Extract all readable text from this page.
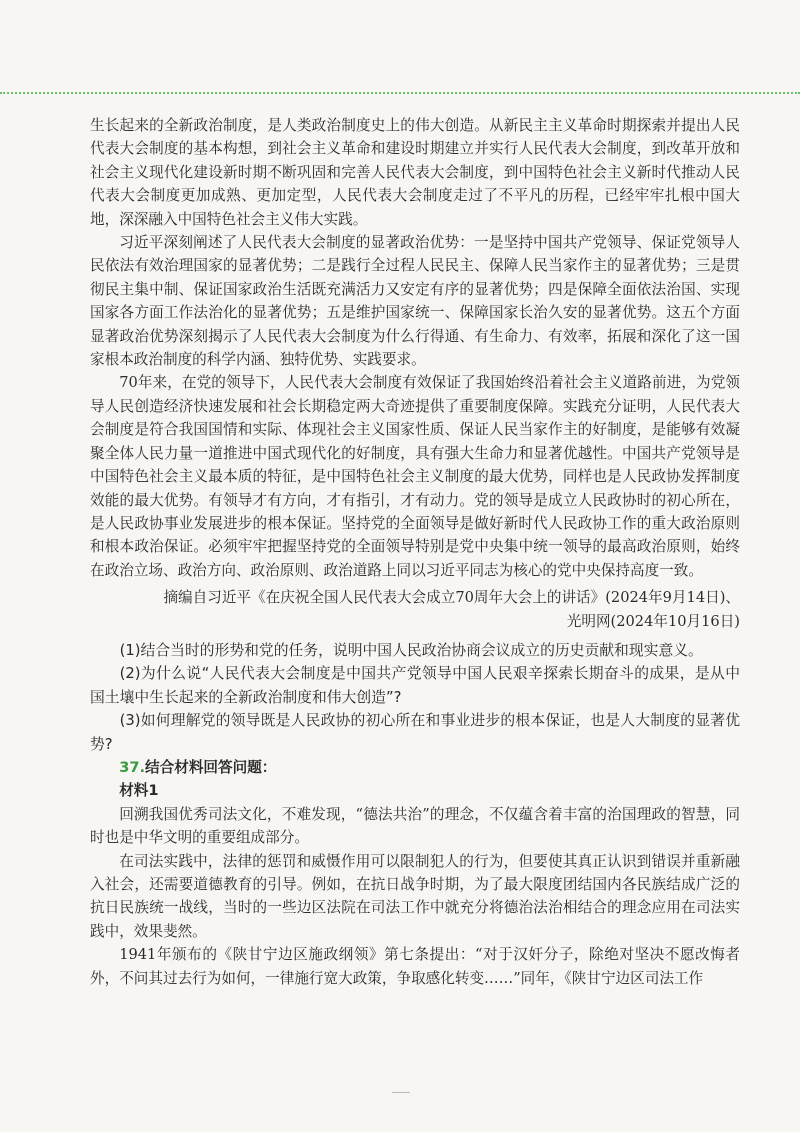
生长起来的全新政治制度，是人类政治制度史上的伟大创造。从新民主主义革命时期探索并提出人民代表大会制度的基本构想，到社会主义革命和建设时期建立并实行人民代表大会制度，到改革开放和社会主义现代化建设新时期不断巩固和完善人民代表大会制度，到中国特色社会主义新时代推动人民代表大会制度更加成熟、更加定型，人民代表大会制度走过了不平凡的历程，已经牢牢扎根中国大地，深深融入中国特色社会主义伟大实践。

习近平深刻阐述了人民代表大会制度的显著政治优势：一是坚持中国共产党领导、保证党领导人民依法有效治理国家的显著优势；二是践行全过程人民民主、保障人民当家作主的显著优势；三是贯彻民主集中制、保证国家政治生活既充满活力又安定有序的显著优势；四是保障全面依法治国、实现国家各方面工作法治化的显著优势；五是维护国家统一、保障国家长治久安的显著优势。这五个方面显著政治优势深刻揭示了人民代表大会制度为什么行得通、有生命力、有效率，拓展和深化了这一国家根本政治制度的科学内涵、独特优势、实践要求。

70年来，在党的领导下，人民代表大会制度有效保证了我国始终沿着社会主义道路前进，为党领导人民创造经济快速发展和社会长期稳定两大奇迹提供了重要制度保障。实践充分证明，人民代表大会制度是符合我国国情和实际、体现社会主义国家性质、保证人民当家作主的好制度，是能够有效凝聚全体人民力量一道推进中国式现代化的好制度，具有强大生命力和显著优越性。中国共产党领导是中国特色社会主义最本质的特征，是中国特色社会主义制度的最大优势，同样也是人民政协发挥制度效能的最大优势。有领导才有方向，才有指引，才有动力。党的领导是成立人民政协时的初心所在，是人民政协事业发展进步的根本保证。坚持党的全面领导是做好新时代人民政协工作的重大政治原则和根本政治保证。必须牢牢把握坚持党的全面领导特别是党中央集中统一领导的最高政治原则，始终在政治立场、政治方向、政治原则、政治道路上同以习近平同志为核心的党中央保持高度一致。

摘编自习近平《在庆祝全国人民代表大会成立70周年大会上的讲话》(2024年9月14日)、
光明网(2024年10月16日)

(1)结合当时的形势和党的任务，说明中国人民政治协商会议成立的历史贡献和现实意义。

(2)为什么说“人民代表大会制度是中国共产党领导中国人民艰辛探索长期奋斗的成果，是从中国土壤中生长起来的全新政治制度和伟大创造”?

(3)如何理解党的领导既是人民政协的初心所在和事业进步的根本保证，也是人大制度的显著优势?

37.结合材料回答问题：

材料1

回溯我国优秀司法文化，不难发现，“德法共治”的理念，不仅蕴含着丰富的治国理政的智慧，同时也是中华文明的重要组成部分。

在司法实践中，法律的惩罚和威慑作用可以限制犯人的行为，但要使其真正认识到错误并重新融入社会，还需要道德教育的引导。例如，在抗日战争时期，为了最大限度团结国内各民族结成广泛的抗日民族统一战线，当时的一些边区法院在司法工作中就充分将德治法治相结合的理念应用在司法实践中，效果斐然。

1941年颁布的《陕甘宁边区施政纲领》第七条提出：“对于汉奸分子，除绝对坚决不愿改悔者外，不问其过去行为如何，一律施行宽大政策，争取感化转变……”同年，《陕甘宁边区司法工作
